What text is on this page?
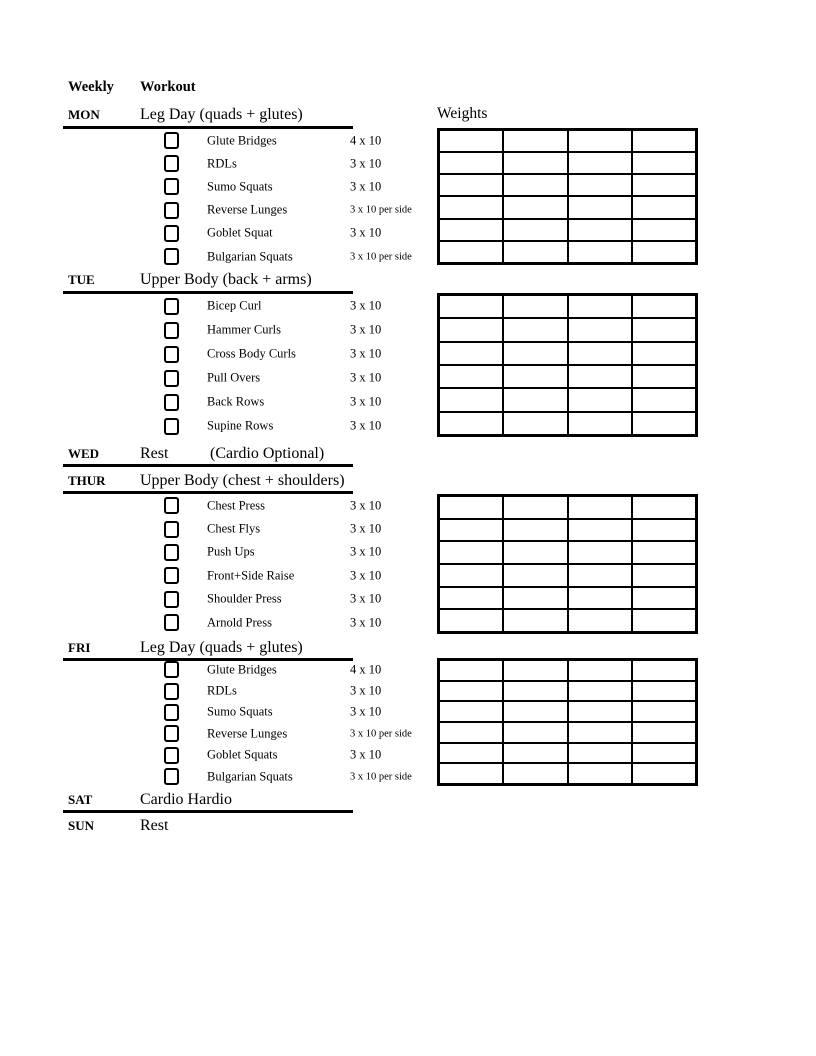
Weekly Workout
Weights
MON	Leg Day (quads + glutes)
Glute Bridges	4 x 10
RDLs	3 x 10
Sumo Squats	3 x 10
Reverse Lunges	3 x 10 per side
Goblet Squat	3 x 10
Bulgarian Squats	3 x 10 per side
TUE	Upper Body (back + arms)
Bicep Curl	3 x 10
Hammer Curls	3 x 10
Cross Body Curls	3 x 10
Pull Overs	3 x 10
Back Rows	3 x 10
Supine Rows	3 x 10
WED	Rest	(Cardio Optional)
THUR Upper Body (chest + shoulders)
Chest Press	3 x 10
Chest Flys	3 x 10
Push Ups	3 x 10
Front+Side Raise	3 x 10
Shoulder Press	3 x 10
Arnold Press	3 x 10
FRI	Leg Day (quads + glutes)
Glute Bridges	4 x 10
RDLs	3 x 10
Sumo Squats	3 x 10
Reverse Lunges	3 x 10 per side
Goblet Squats	3 x 10
Bulgarian Squats	3 x 10 per side
SAT	Cardio Hardio
SUN	Rest
